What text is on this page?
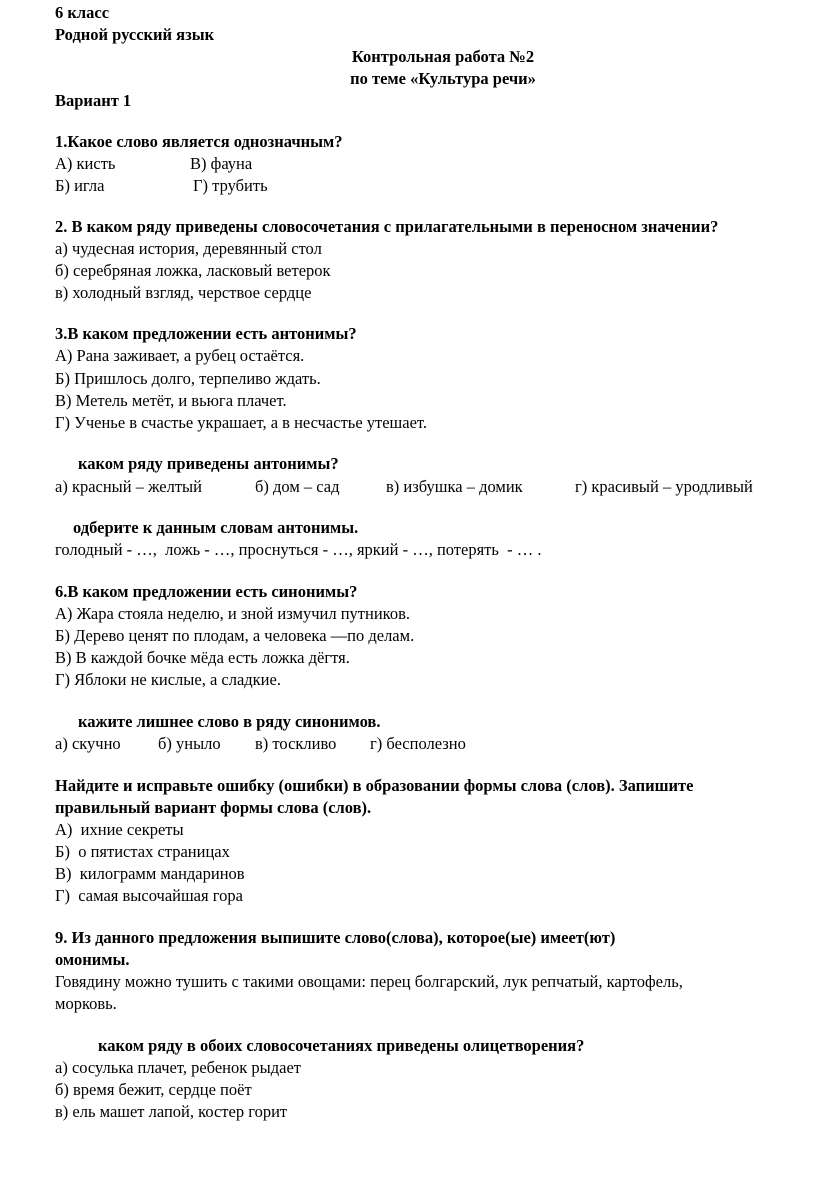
6 класс
Родной русский язык
Контрольная работа №2
по теме «Культура речи»
Вариант 1
1.Какое слово является однозначным?
А) кисть	В) фауна
Б) игла	Г) трубить
2. В каком ряду приведены словосочетания с прилагательными в переносном значении?
а) чудесная история, деревянный стол
б) серебряная ложка, ласковый ветерок
в) холодный взгляд, черствое сердце
3.В каком предложении есть антонимы?
А) Рана заживает, а рубец остаётся.
Б) Пришлось долго, терпеливо ждать.
В) Метель метёт, и вьюга плачет.
Г) Ученье в счастье украшает, а в несчастье утешает.
каком ряду приведены антонимы?
а) красный – желтый	б) дом – сад	в) избушка – домик	г) красивый – уродливый
одберите к данным словам антонимы.
голодный - …,  ложь - …, проснуться - …, яркий - …, потерять  - … .
6.В каком предложении есть синонимы?
А) Жара стояла неделю, и зной измучил путников.
Б) Дерево ценят по плодам, а человека —по делам.
В) В каждой бочке мёда есть ложка дёгтя.
Г) Яблоки не кислые, а сладкие.
кажите лишнее слово в ряду синонимов.
а) скучно б) уныло в) тоскливо г) бесполезно
Найдите и исправьте ошибку (ошибки) в образовании формы слова (слов). Запишите
правильный вариант формы слова (слов).
А)  ихние секреты
Б)  о пятистах страницах
В)  килограмм мандаринов
Г)  самая высочайшая гора
9. Из данного предложения выпишите слово(слова), которое(ые) имеет(ют)
омонимы.
Говядину можно тушить с такими овощами: перец болгарский, лук репчатый, картофель,
морковь.
каком ряду в обоих словосочетаниях приведены олицетворения?
а) сосулька плачет, ребенок рыдает
б) время бежит, сердце поёт
в) ель машет лапой, костер горит
